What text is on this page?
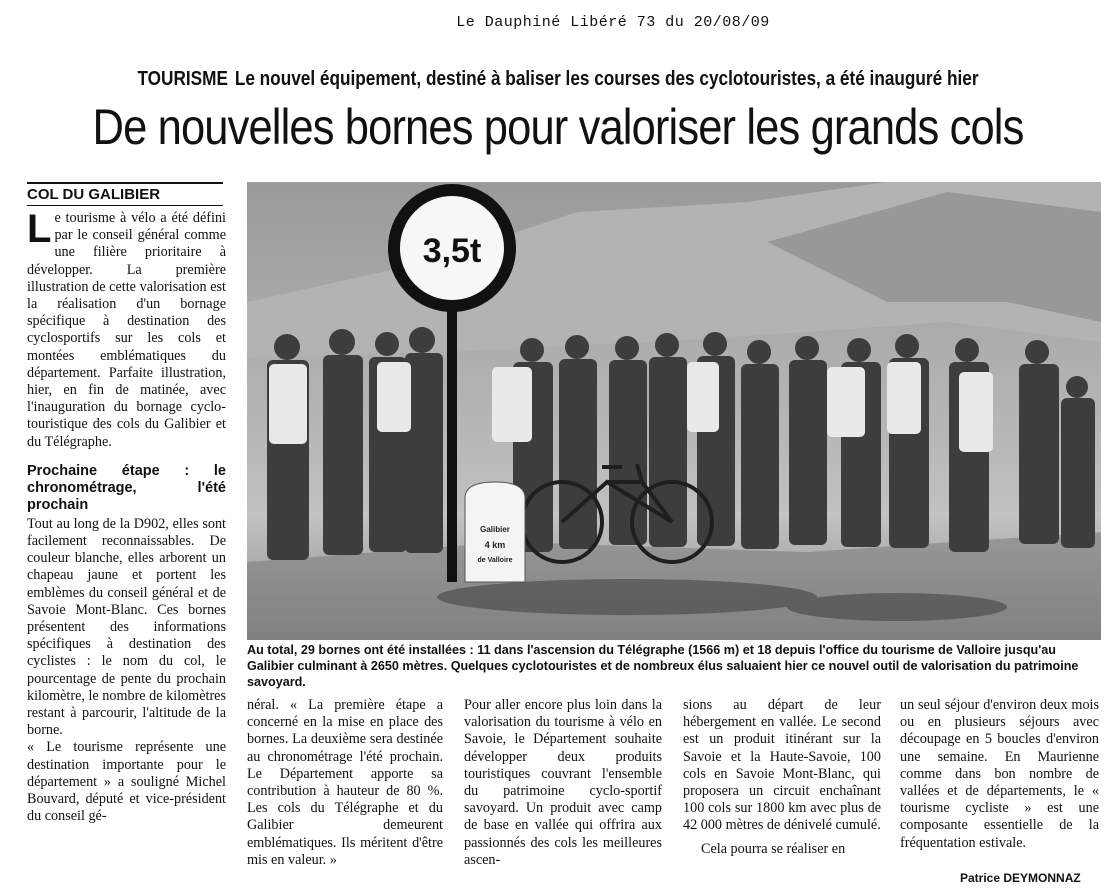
Le Dauphiné Libéré 73 du 20/08/09
TOURISME Le nouvel équipement, destiné à baliser les courses des cyclotouristes, a été inauguré hier
De nouvelles bornes pour valoriser les grands cols
COL DU GALIBIER

Le tourisme à vélo a été défini par le conseil général comme une filière prioritaire à développer. La première illustration de cette valorisation est la réalisation d'un bornage spécifique à destination des cyclosportifs sur les cols et montées emblématiques du département. Parfaite illustration, hier, en fin de matinée, avec l'inauguration du bornage cyclo-touristique des cols du Galibier et du Télégraphe.

Prochaine étape : le chronométrage, l'été prochain

Tout au long de la D902, elles sont facilement reconnaissables. De couleur blanche, elles arborent un chapeau jaune et portent les emblèmes du conseil général et de Savoie Mont-Blanc. Ces bornes présentent des informations spécifiques à destination des cyclistes : le nom du col, le pourcentage de pente du prochain kilomètre, le nombre de kilomètres restant à parcourir, l'altitude de la borne.

« Le tourisme représente une destination importante pour le département » a souligné Michel Bouvard, député et vice-président du conseil gé-

Galibier
4 km
de Valloire
3,5t
Au total, 29 bornes ont été installées : 11 dans l'ascension du Télégraphe (1566 m) et 18 depuis l'office du tourisme de Valloire jusqu'au Galibier culminant à 2650 mètres. Quelques cyclotouristes et de nombreux élus saluaient hier ce nouvel outil de valorisation du patrimoine savoyard.

néral. « La première étape a concerné en la mise en place des bornes. La deuxième sera destinée au chronométrage l'été prochain. Le Département apporte sa contribution à hauteur de 80 %. Les cols du Télégraphe et du Galibier demeurent emblématiques. Ils méritent d'être mis en valeur. »

Pour aller encore plus loin dans la valorisation du tourisme à vélo en Savoie, le Département souhaite développer deux produits touristiques couvrant l'ensemble du patrimoine cyclo-sportif savoyard. Un produit avec camp de base en vallée qui offrira aux passionnés des cols les meilleures ascen-

sions au départ de leur hébergement en vallée. Le second est un produit itinérant sur la Savoie et la Haute-Savoie, 100 cols en Savoie Mont-Blanc, qui proposera un circuit enchaînant 100 cols sur 1800 km avec plus de 42 000 mètres de dénivelé cumulé.

Cela pourra se réaliser en

un seul séjour d'environ deux mois ou en plusieurs séjours avec découpage en 5 boucles d'environ une semaine. En Maurienne comme dans bon nombre de vallées et de départements, le « tourisme cycliste » est une composante essentielle de la fréquentation estivale.

Patrice DEYMONNAZ
